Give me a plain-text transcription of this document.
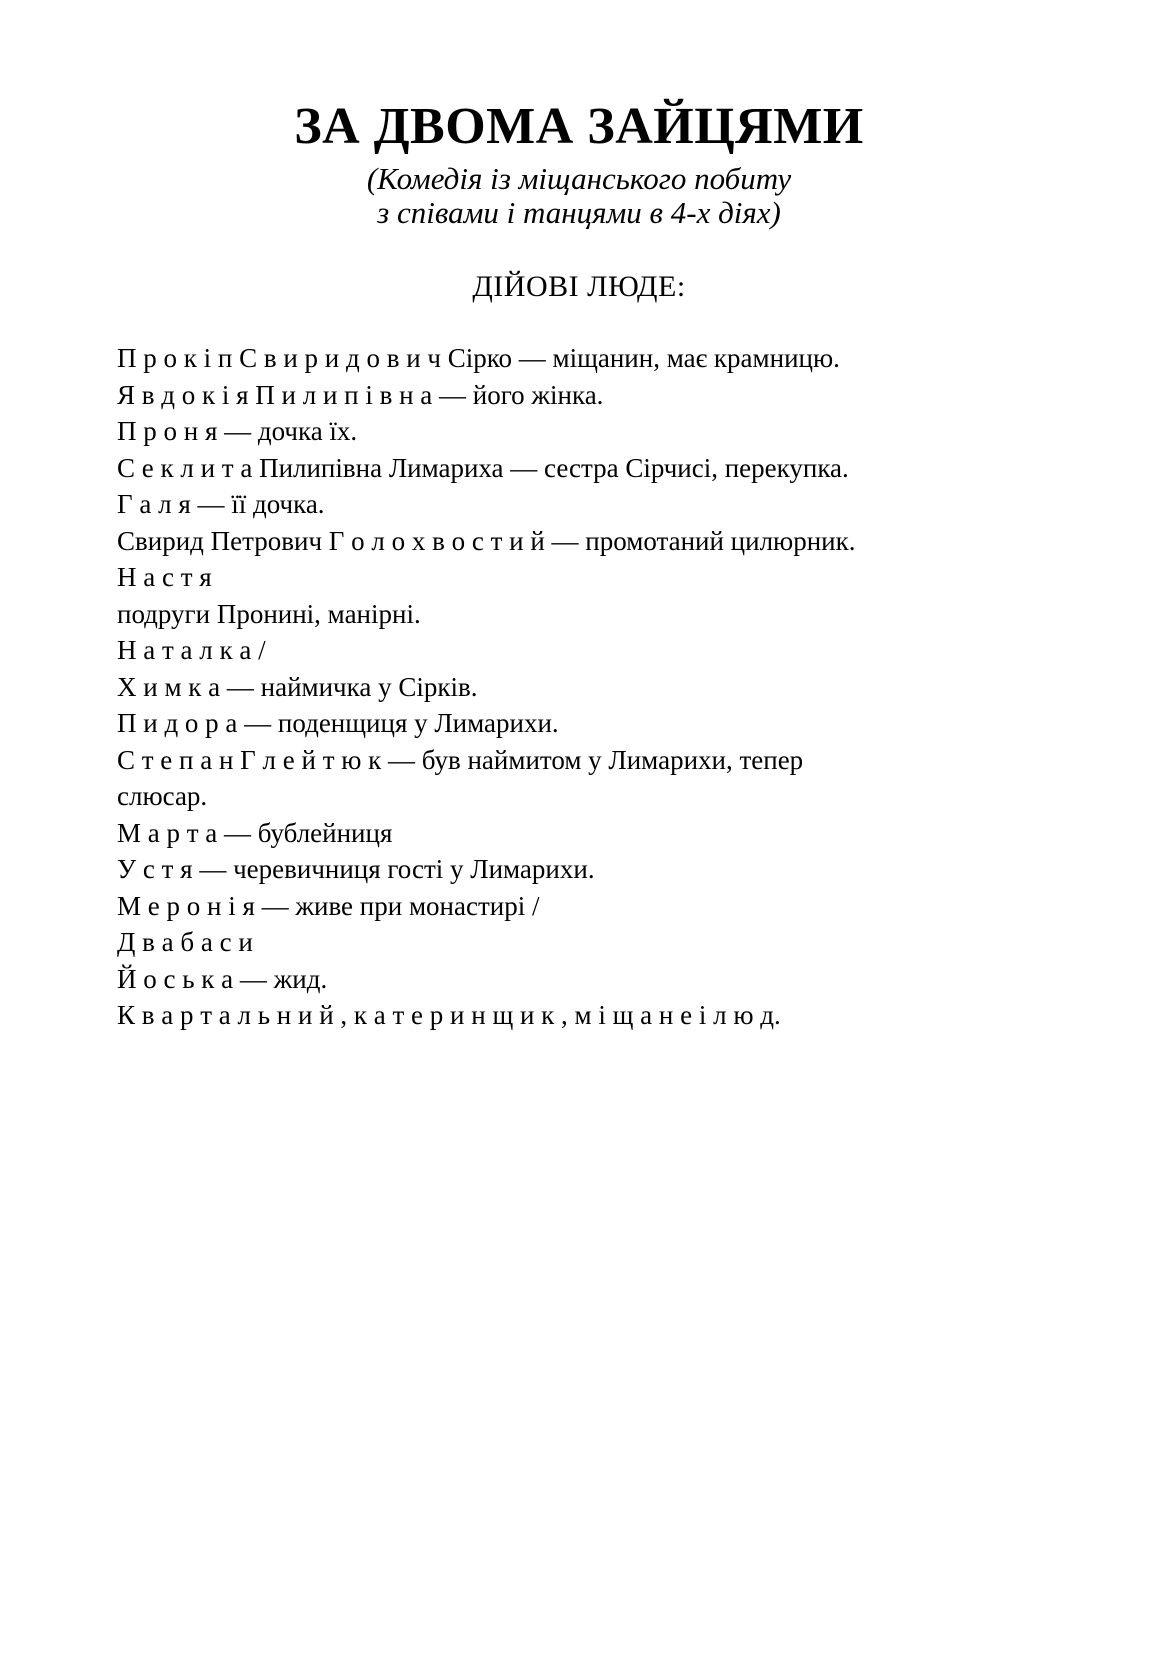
ЗА ДВОМА ЗАЙЦЯМИ
(Комедія із міщанського побиту
з співами і танцями в 4-х діях)
ДІЙОВІ ЛЮДЕ:
П р о к і п С в и р и д о в и ч Сірко — міщанин, має крамницю.
Я в д о к і я П и л и п і в н а — його жінка.
П р о н я — дочка їх.
С е к л и т а Пилипівна Лимариха — сестра Сірчисі, перекупка.
Г а л я — її дочка.
Свирид Петрович Г о л о х в о с т и й — промотаний цилюрник.
Н а с т я
подруги Пронині, манірні.
Н а т а л к а /
Х и м к а — наймичка у Сірків.
П и д о р а — поденщиця у Лимарихи.
С т е п а н Г л е й т ю к — був наймитом у Лимарихи, тепер
слюсар.
М а р т а — бублейниця
У с т я — черевичниця гості у Лимарихи.
М е р о н і я — живе при монастирі /
Д в а б а с и
Й о с ь к а — жид.
К в а р т а л ь н и й , к а т е р и н щ и к , м і щ а н е і л ю д.
